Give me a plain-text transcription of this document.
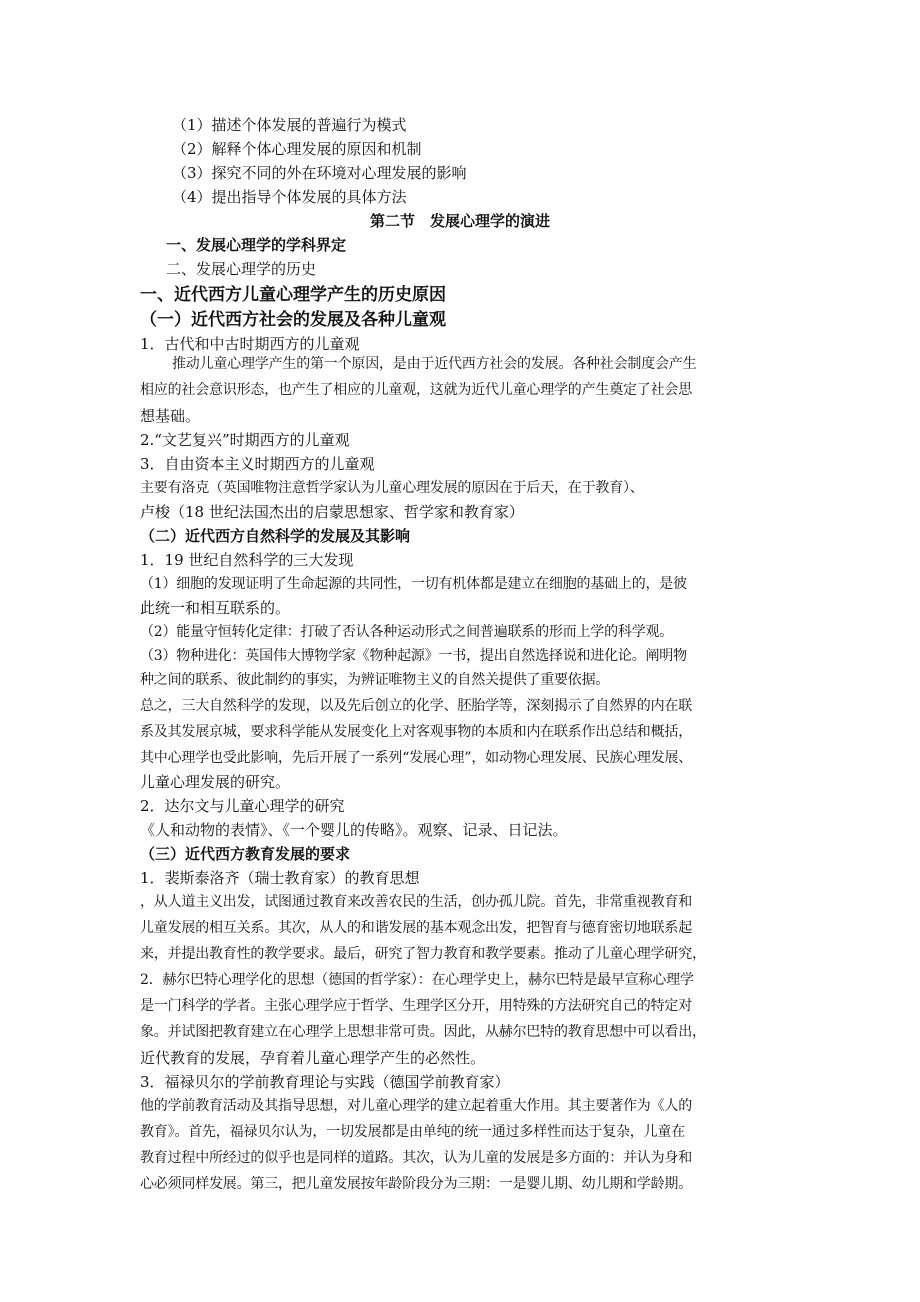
（1）描述个体发展的普遍行为模式
（2）解释个体心理发展的原因和机制
（3）探究不同的外在环境对心理发展的影响
（4）提出指导个体发展的具体方法
第二节　发展心理学的演进
一、发展心理学的学科界定
二、发展心理学的历史
一、近代西方儿童心理学产生的历史原因
（一）近代西方社会的发展及各种儿童观
1．古代和中古时期西方的儿童观
推动儿童心理学产生的第一个原因，是由于近代西方社会的发展。各种社会制度会产生
相应的社会意识形态，也产生了相应的儿童观，这就为近代儿童心理学的产生奠定了社会思
想基础。
2.“文艺复兴”时期西方的儿童观
3．自由资本主义时期西方的儿童观
主要有洛克（英国唯物注意哲学家认为儿童心理发展的原因在于后天，在于教育）、
卢梭（18 世纪法国杰出的启蒙思想家、哲学家和教育家）
（二）近代西方自然科学的发展及其影响
1．19 世纪自然科学的三大发现
（1）细胞的发现证明了生命起源的共同性，一切有机体都是建立在细胞的基础上的，是彼
此统一和相互联系的。
（2）能量守恒转化定律：打破了否认各种运动形式之间普遍联系的形而上学的科学观。
（3）物种进化：英国伟大博物学家《物种起源》一书，提出自然选择说和进化论。阐明物
种之间的联系、彼此制约的事实，为辨证唯物主义的自然关提供了重要依据。
总之，三大自然科学的发现，以及先后创立的化学、胚胎学等，深刻揭示了自然界的内在联
系及其发展京城，要求科学能从发展变化上对客观事物的本质和内在联系作出总结和概括，
其中心理学也受此影响，先后开展了一系列“发展心理”，如动物心理发展、民族心理发展、
儿童心理发展的研究。
2．达尔文与儿童心理学的研究
《人和动物的表情》、《一个婴儿的传略》。观察、记录、日记法。
（三）近代西方教育发展的要求
1．裴斯泰洛齐（瑞士教育家）的教育思想
，从人道主义出发，试图通过教育来改善农民的生活，创办孤儿院。首先，非常重视教育和
儿童发展的相互关系。其次，从人的和谐发展的基本观念出发，把智育与德育密切地联系起
来，并提出教育性的教学要求。最后，研究了智力教育和教学要素。推动了儿童心理学研究，
2．赫尔巴特心理学化的思想（德国的哲学家）：在心理学史上，赫尔巴特是最早宣称心理学
是一门科学的学者。主张心理学应于哲学、生理学区分开，用特殊的方法研究自己的特定对
象。并试图把教育建立在心理学上思想非常可贵。因此，从赫尔巴特的教育思想中可以看出，
近代教育的发展，孕育着儿童心理学产生的必然性。
3．福禄贝尔的学前教育理论与实践（德国学前教育家）
他的学前教育活动及其指导思想，对儿童心理学的建立起着重大作用。其主要著作为《人的
教育》。首先，福禄贝尔认为，一切发展都是由单纯的统一通过多样性而达于复杂，儿童在
教育过程中所经过的似乎也是同样的道路。其次，认为儿童的发展是多方面的：并认为身和
心必须同样发展。第三，把儿童发展按年龄阶段分为三期：一是婴儿期、幼儿期和学龄期。
